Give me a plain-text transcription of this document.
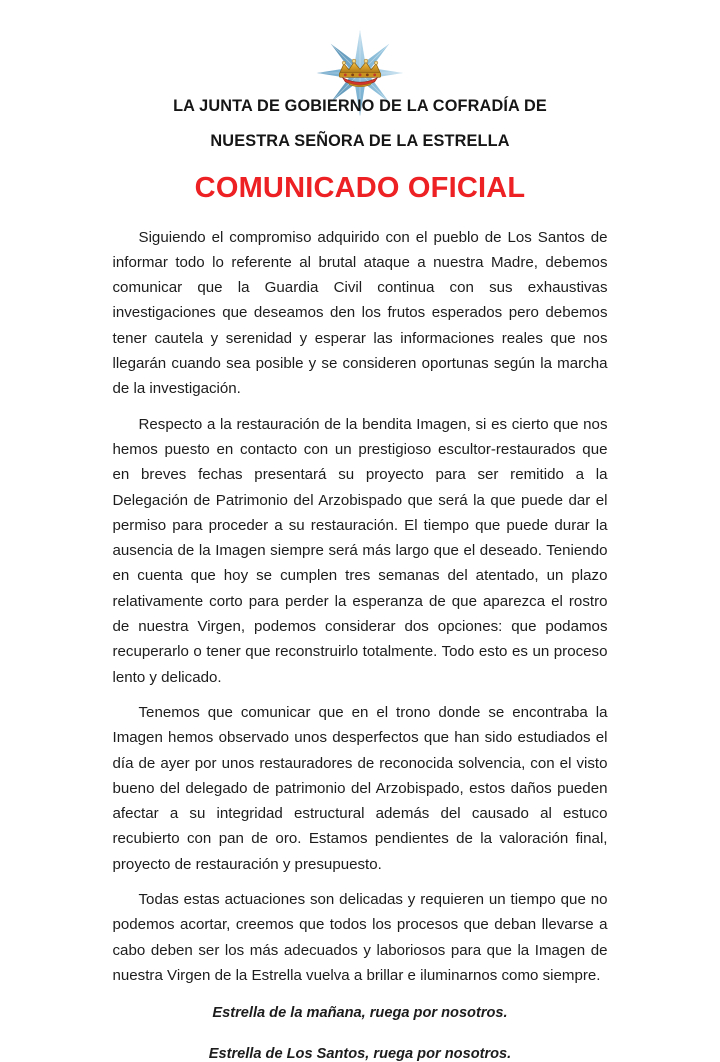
LA JUNTA DE GOBIERNO DE LA COFRADÍA DE
NUESTRA SEÑORA DE LA ESTRELLA
COMUNICADO OFICIAL

Siguiendo el compromiso adquirido con el pueblo de Los Santos de informar todo lo referente al brutal ataque a nuestra Madre, debemos comunicar que la Guardia Civil continua con sus exhaustivas investigaciones que deseamos den los frutos esperados pero debemos tener cautela y serenidad y esperar las informaciones reales que nos llegarán cuando sea posible y se consideren oportunas según la marcha de la investigación.

Respecto a la restauración de la bendita Imagen, si es cierto que nos hemos puesto en contacto con un prestigioso escultor-restaurados que en breves fechas presentará su proyecto para ser remitido a la Delegación de Patrimonio del Arzobispado que será la que puede dar el permiso para proceder a su restauración. El tiempo que puede durar la ausencia de la Imagen siempre será más largo que el deseado. Teniendo en cuenta que hoy se cumplen tres semanas del atentado, un plazo relativamente corto para perder la esperanza de que aparezca el rostro de nuestra Virgen, podemos considerar dos opciones: que podamos recuperarlo o tener que reconstruirlo totalmente. Todo esto es un proceso lento y delicado.

Tenemos que comunicar que en el trono donde se encontraba la Imagen hemos observado unos desperfectos que han sido estudiados el día de ayer por unos restauradores de reconocida solvencia, con el visto bueno del delegado de patrimonio del Arzobispado, estos daños pueden afectar a su integridad estructural además del causado al estuco recubierto con pan de oro. Estamos pendientes de la valoración final, proyecto de restauración y presupuesto.

Todas estas actuaciones son delicadas y requieren un tiempo que no podemos acortar, creemos que todos los procesos que deban llevarse a cabo deben ser los más adecuados y laboriosos para que la Imagen de nuestra Virgen de la Estrella vuelva a brillar e iluminarnos como siempre.

Estrella de la mañana, ruega por nosotros.
Estrella de Los Santos, ruega por nosotros.
